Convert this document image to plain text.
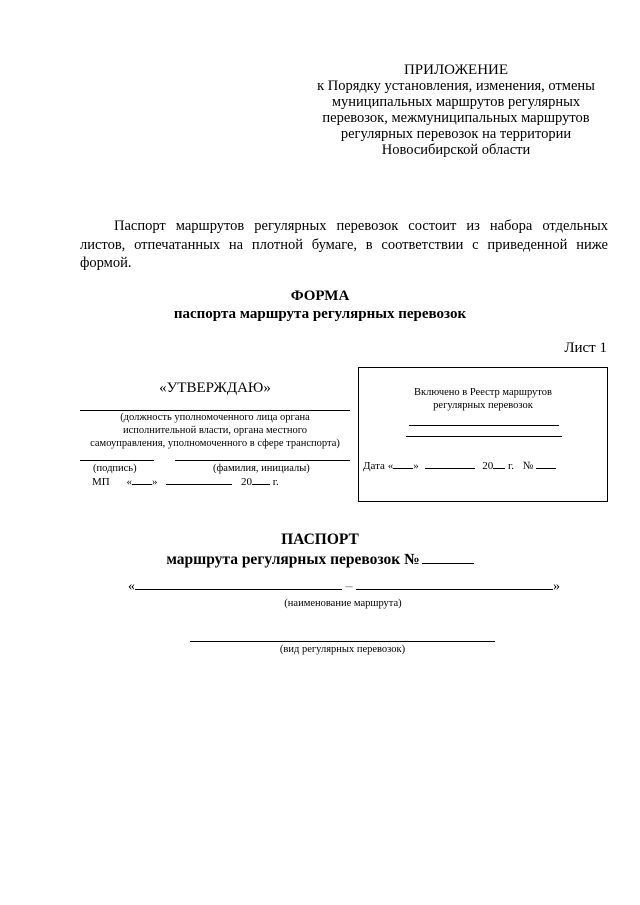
ПРИЛОЖЕНИЕ
к Порядку установления, изменения, отмены
муниципальных маршрутов регулярных
перевозок, межмуниципальных маршрутов
регулярных перевозок на территории
Новосибирской области
Паспорт маршрутов регулярных перевозок состоит из набора отдельных листов, отпечатанных на плотной бумаге, в соответствии с приведенной ниже формой.
ФОРМА
паспорта маршрута регулярных перевозок
Лист 1
«УТВЕРЖДАЮ»
(должность уполномоченного лица органа
исполнительной власти, органа местного
самоуправления, уполномоченного в сфере транспорта)
(подпись)	(фамилия, инициалы)
МП « »	20 г.
Включено в Реестр маршрутов
регулярных перевозок
Дата « »	20 г. №
ПАСПОРТ
маршрута регулярных перевозок №
«	–	»
(наименование маршрута)
(вид регулярных перевозок)
